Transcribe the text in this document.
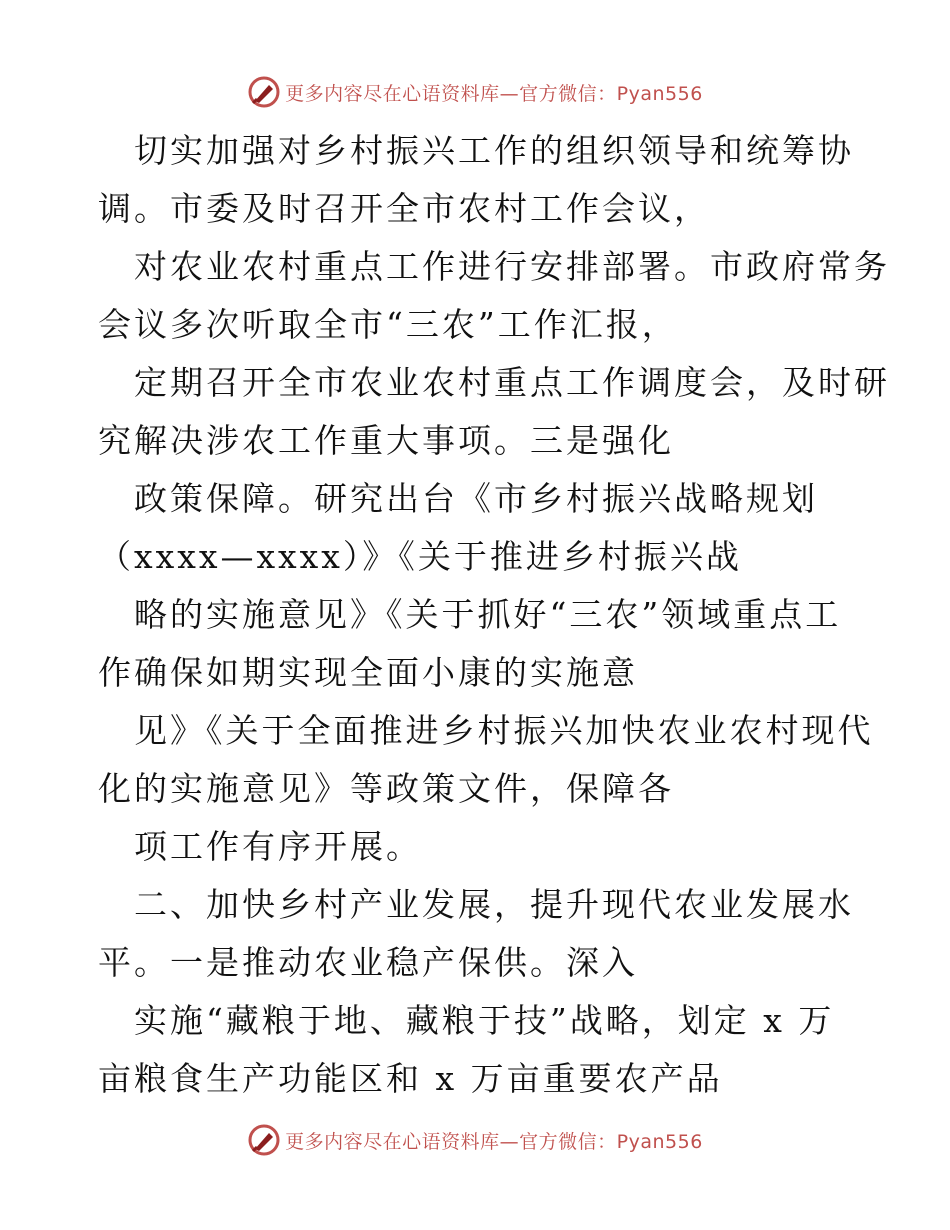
更多内容尽在心语资料库—官方微信：Pyan556
切实加强对乡村振兴工作的组织领导和统筹协
调。市委及时召开全市农村工作会议，
对农业农村重点工作进行安排部署。市政府常务
会议多次听取全市“三农”工作汇报，
定期召开全市农业农村重点工作调度会，及时研
究解决涉农工作重大事项。三是强化
政策保障。研究出台《市乡村振兴战略规划
（xxxx—xxxx）》《关于推进乡村振兴战
略的实施意见》《关于抓好“三农”领域重点工
作确保如期实现全面小康的实施意
见》《关于全面推进乡村振兴加快农业农村现代
化的实施意见》等政策文件，保障各
项工作有序开展。
二、加快乡村产业发展，提升现代农业发展水
平。一是推动农业稳产保供。深入
实施“藏粮于地、藏粮于技”战略，划定 x 万
亩粮食生产功能区和 x 万亩重要农产品
更多内容尽在心语资料库—官方微信：Pyan556
